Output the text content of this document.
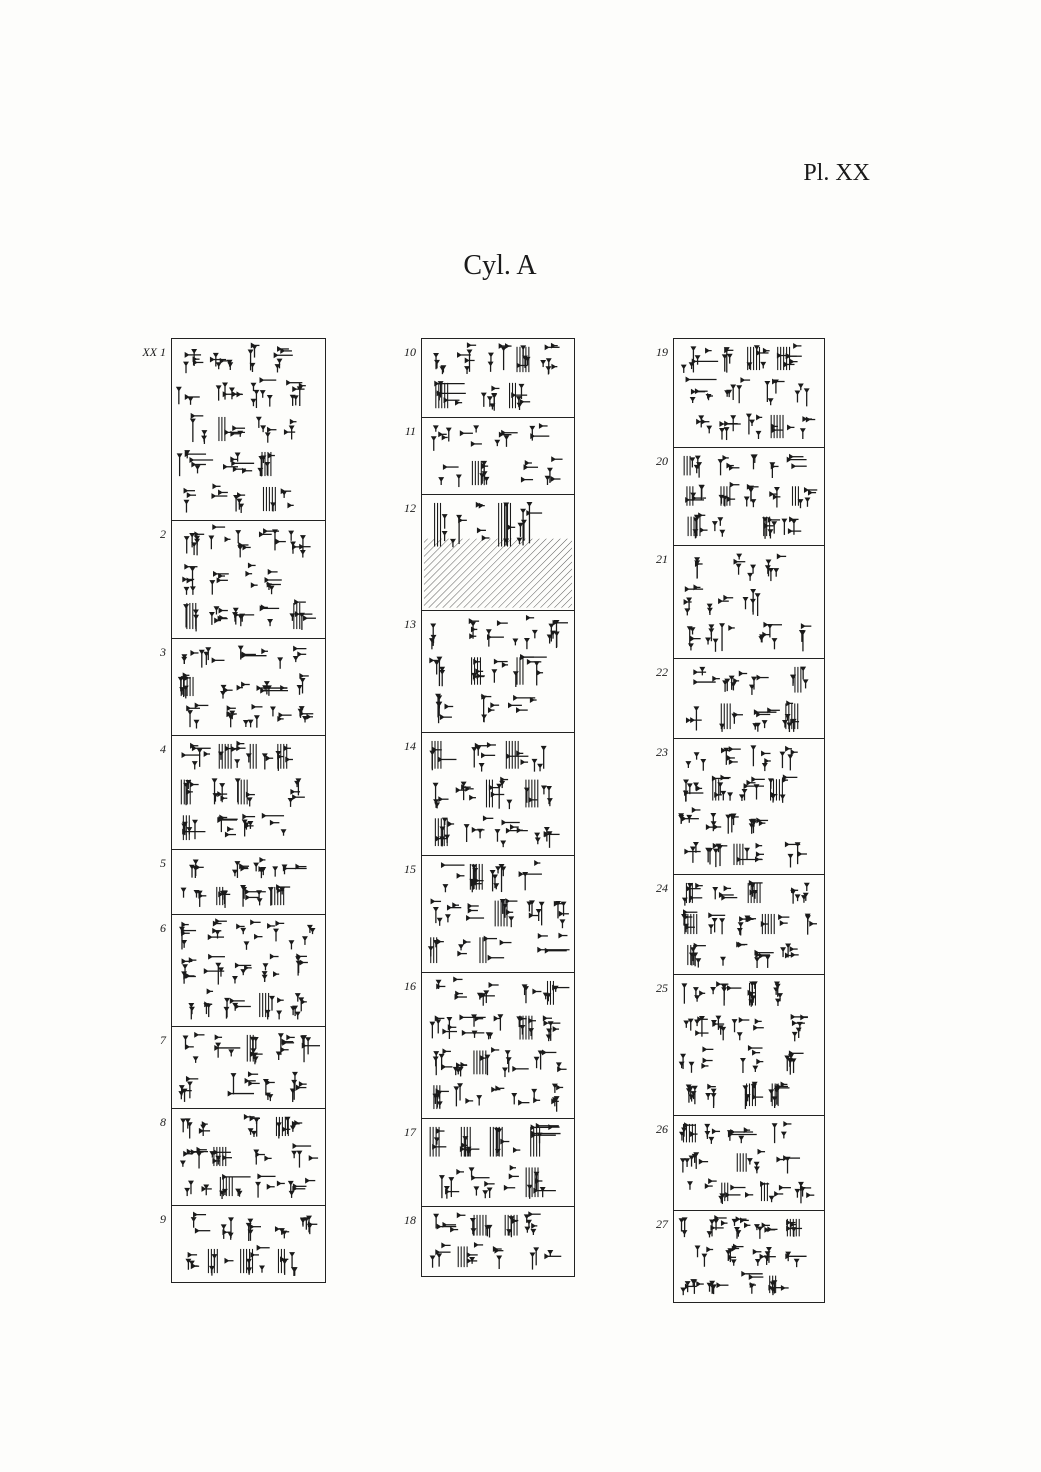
Pl. XX
Cyl. A
XX 1
2
3
4
5
6
7
8
9
10
11
12
13
14
15
16
17
18
19
20
21
22
23
24
25
26
27
